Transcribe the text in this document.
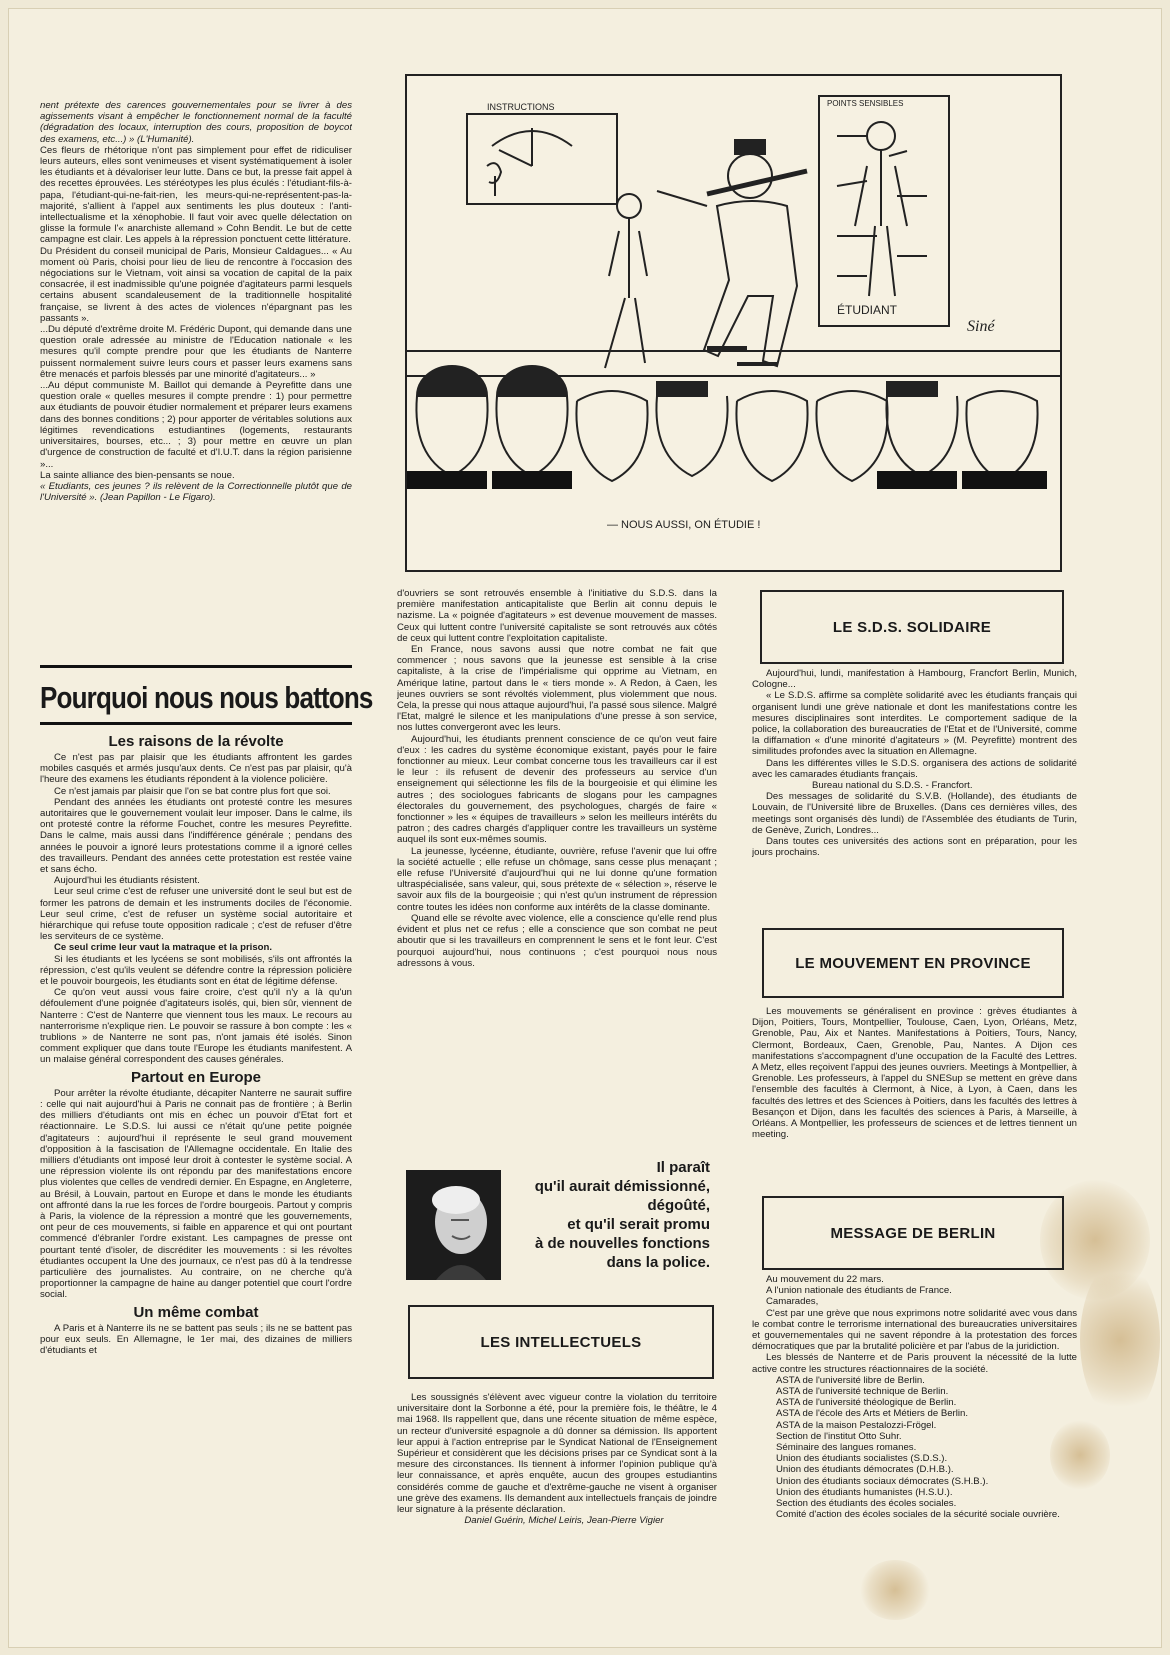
nent prétexte des carences gouvernementales pour se livrer à des agissements visant à empêcher le fonctionnement normal de la faculté (dégradation des locaux, interruption des cours, proposition de boycot des examens, etc...) » (L'Humanité).

Ces fleurs de rhétorique n'ont pas simplement pour effet de ridiculiser leurs auteurs, elles sont venimeuses et visent systématiquement à isoler les étudiants et à dévaloriser leur lutte. Dans ce but, la presse fait appel à des recettes éprouvées. Les stéréotypes les plus éculés : l'étudiant-fils-à-papa, l'étudiant-qui-ne-fait-rien, les meurs-qui-ne-représentent-pas-la-majorité, s'allient à l'appel aux sentiments les plus douteux : l'anti-intellectualisme et la xénophobie. Il faut voir avec quelle délectation on glisse la formule l'« anarchiste allemand » Cohn Bendit. Le but de cette campagne est clair. Les appels à la répression ponctuent cette littérature.

Du Président du conseil municipal de Paris, Monsieur Caldagues... « Au moment où Paris, choisi pour lieu de lieu de rencontre à l'occasion des négociations sur le Vietnam, voit ainsi sa vocation de capital de la paix consacrée, il est inadmissible qu'une poignée d'agitateurs parmi lesquels certains abusent scandaleusement de la traditionnelle hospitalité française, se livrent à des actes de violences n'épargnant pas les passants ».

...Du député d'extrême droite M. Frédéric Dupont, qui demande dans une question orale adressée au ministre de l'Education nationale « les mesures qu'il compte prendre pour que les étudiants de Nanterre puissent normalement suivre leurs cours et passer leurs examens sans être menacés et parfois blessés par une minorité d'agitateurs... »

...Au déput communiste M. Baillot qui demande à Peyrefitte dans une question orale « quelles mesures il compte prendre : 1) pour permettre aux étudiants de pouvoir étudier normalement et préparer leurs examens dans des bonnes conditions ; 2) pour apporter de véritables solutions aux légitimes revendications estudiantines (logements, restaurants universitaires, bourses, etc... ; 3) pour mettre en œuvre un plan d'urgence de construction de faculté et d'I.U.T. dans la région parisienne »...

La sainte alliance des bien-pensants se noue.

« Etudiants, ces jeunes ? ils relèvent de la Correctionnelle plutôt que de l'Université ». (Jean Papillon - Le Figaro).

Pourquoi nous nous battons
Les raisons de la révolte

Ce n'est pas par plaisir que les étudiants affrontent les gardes mobiles casqués et armés jusqu'aux dents. Ce n'est pas par plaisir, qu'à l'heure des examens les étudiants répondent à la violence policière.

Ce n'est jamais par plaisir que l'on se bat contre plus fort que soi.

Pendant des années les étudiants ont protesté contre les mesures autoritaires que le gouvernement voulait leur imposer. Dans le calme, ils ont protesté contre la réforme Fouchet, contre les mesures Peyrefitte. Dans le calme, mais aussi dans l'indifférence générale ; pendans des années le pouvoir a ignoré leurs protestations comme il a ignoré celles des travailleurs. Pendant des années cette protestation est restée vaine et sans écho.

Aujourd'hui les étudiants résistent.

Leur seul crime c'est de refuser une université dont le seul but est de former les patrons de demain et les instruments dociles de l'économie. Leur seul crime, c'est de refuser un système social autoritaire et hiérarchique qui refuse toute opposition radicale ; c'est de refuser d'être les serviteurs de ce système.

Ce seul crime leur vaut la matraque et la prison.

Si les étudiants et les lycéens se sont mobilisés, s'ils ont affrontés la répression, c'est qu'ils veulent se défendre contre la répression policière et le pouvoir bourgeois, les étudiants sont en état de légitime défense.

Ce qu'on veut aussi vous faire croire, c'est qu'il n'y a là qu'un défoulement d'une poignée d'agitateurs isolés, qui, bien sûr, viennent de Nanterre : C'est de Nanterre que viennent tous les maux. Le recours au nanterrorisme n'explique rien. Le pouvoir se rassure à bon compte : les « trublions » de Nanterre ne sont pas, n'ont jamais été isolés. Sinon comment expliquer que dans toute l'Europe les étudiants manifestent. A un malaise général correspondent des causes générales.

Partout en Europe

Pour arrêter la révolte étudiante, décapiter Nanterre ne saurait suffire : celle qui nait aujourd'hui à Paris ne connait pas de frontière ; à Berlin des milliers d'étudiants ont mis en échec un pouvoir d'Etat fort et réactionnaire. Le S.D.S. lui aussi ce n'était qu'une petite poignée d'agitateurs : aujourd'hui il représente le seul grand mouvement d'opposition à la fascisation de l'Allemagne occidentale. En Italie des milliers d'étudiants ont imposé leur droit à contester le système social. A une répression violente ils ont répondu par des manifestations encore plus violentes que celles de vendredi dernier. En Espagne, en Angleterre, au Brésil, à Louvain, partout en Europe et dans le monde les étudiants ont affronté dans la rue les forces de l'ordre bourgeois. Partout y compris à Paris, la violence de la répression a montré que les gouvernements, ont peur de ces mouvements, si faible en apparence et qui ont pourtant commencé d'ébranler l'ordre existant. Les campagnes de presse ont pourtant tenté d'isoler, de discréditer les mouvements : si les révoltes étudiantes occupent la Une des journaux, ce n'est pas dû à la tendresse particulière des journalistes. Au contraire, on ne cherche qu'à proportionner la campagne de haine au danger potentiel que court l'ordre social.

Un même combat

A Paris et à Nanterre ils ne se battent pas seuls ; ils ne se battent pas pour eux seuls. En Allemagne, le 1er mai, des dizaines de milliers d'étudiants et

INSTRUCTIONS	POINTS SENSIBLES
ÉTUDIANT
Siné
— NOUS AUSSI, ON ÉTUDIE !

d'ouvriers se sont retrouvés ensemble à l'initiative du S.D.S. dans la première manifestation anticapitaliste que Berlin ait connu depuis le nazisme. La « poignée d'agitateurs » est devenue mouvement de masses. Ceux qui luttent contre l'université capitaliste se sont retrouvés aux côtés de ceux qui luttent contre l'exploitation capitaliste.

En France, nous savons aussi que notre combat ne fait que commencer ; nous savons que la jeunesse est sensible à la crise capitaliste, à la crise de l'impérialisme qui opprime au Vietnam, en Amérique latine, partout dans le « tiers monde ». A Redon, à Caen, les jeunes ouvriers se sont révoltés violemment, plus violemment que nous. Cela, la presse qui nous attaque aujourd'hui, l'a passé sous silence. Malgré l'Etat, malgré le silence et les manipulations d'une presse à son service, nos luttes convergeront avec les leurs.

Aujourd'hui, les étudiants prennent conscience de ce qu'on veut faire d'eux : les cadres du système économique existant, payés pour le faire fonctionner au mieux. Leur combat concerne tous les travailleurs car il est le leur : ils refusent de devenir des professeurs au service d'un enseignement qui sélectionne les fils de la bourgeoisie et qui élimine les autres ; des sociologues fabricants de slogans pour les campagnes électorales du gouvernement, des psychologues, chargés de faire « fonctionner » les « équipes de travailleurs » selon les meilleurs intérêts du patron ; des cadres chargés d'appliquer contre les travailleurs un système auquel ils sont eux-mêmes soumis.

La jeunesse, lycéenne, étudiante, ouvrière, refuse l'avenir que lui offre la société actuelle ; elle refuse un chômage, sans cesse plus menaçant ; elle refuse l'Université d'aujourd'hui qui ne lui donne qu'une formation ultraspécialisée, sans valeur, qui, sous prétexte de « sélection », réserve le savoir aux fils de la bourgeoisie ; qui n'est qu'un instrument de répression contre toutes les idées non conforme aux intérêts de la classe dominante.

Quand elle se révolte avec violence, elle a conscience qu'elle rend plus évident et plus net ce refus ; elle a conscience que son combat ne peut aboutir que si les travailleurs en comprennent le sens et le font leur. C'est pourquoi aujourd'hui, nous continuons ; c'est pourquoi nous nous adressons à vous.

Il paraît
qu'il aurait démissionné,
dégoûté,
et qu'il serait promu
à de nouvelles fonctions
dans la police.
LES INTELLECTUELS

Les soussignés s'élèvent avec vigueur contre la violation du territoire universitaire dont la Sorbonne a été, pour la première fois, le théâtre, le 4 mai 1968. Ils rappellent que, dans une récente situation de même espèce, un recteur d'université espagnole a dû donner sa démission. Ils apportent leur appui à l'action entreprise par le Syndicat National de l'Enseignement Supérieur et considèrent que les décisions prises par ce Syndicat sont à la mesure des circonstances. Ils tiennent à informer l'opinion publique qu'à leur connaissance, et après enquête, aucun des groupes estudiantins considérés comme de gauche et d'extrême-gauche ne visent à organiser une grève des examens. Ils demandent aux intellectuels français de joindre leur signature à la présente déclaration.

Daniel Guérin, Michel Leiris, Jean-Pierre Vigier

LE S.D.S. SOLIDAIRE

Aujourd'hui, lundi, manifestation à Hambourg, Francfort Berlin, Munich, Cologne...

« Le S.D.S. affirme sa complète solidarité avec les étudiants français qui organisent lundi une grève nationale et dont les manifestations contre les mesures disciplinaires sont interdites. Le comportement sadique de la police, la collaboration des bureaucraties de l'Etat et de l'Université, comme la diffamation « d'une minorité d'agitateurs » (M. Peyrefitte) montrent des similitudes profondes avec la situation en Allemagne.

Dans les différentes villes le S.D.S. organisera des actions de solidarité avec les camarades étudiants français.

Bureau national du S.D.S. - Francfort.

Des messages de solidarité du S.V.B. (Hollande), des étudiants de Louvain, de l'Université libre de Bruxelles. (Dans ces dernières villes, des meetings sont organisés dès lundi) de l'Assemblée des étudiants de Turin, de Genève, Zurich, Londres...

Dans toutes ces universités des actions sont en préparation, pour les jours prochains.

LE MOUVEMENT EN PROVINCE

Les mouvements se généralisent en province : grèves étudiantes à Dijon, Poitiers, Tours, Montpellier, Toulouse, Caen, Lyon, Orléans, Metz, Grenoble, Pau, Aix et Nantes. Manifestations à Poitiers, Tours, Nancy, Clermont, Bordeaux, Caen, Grenoble, Pau, Nantes. A Dijon ces manifestations s'accompagnent d'une occupation de la Faculté des Lettres. A Metz, elles reçoivent l'appui des jeunes ouvriers. Meetings à Montpellier, à Grenoble. Les professeurs, à l'appel du SNESup se mettent en grève dans l'ensemble des facultés à Clermont, à Nice, à Lyon, à Caen, dans les facultés des lettres et des Sciences à Poitiers, dans les facultés des lettres à Besançon et Dijon, dans les facultés des sciences à Paris, à Marseille, à Orléans. A Montpellier, les professeurs de sciences et de lettres tiennent un meeting.

MESSAGE DE BERLIN

Au mouvement du 22 mars.

A l'union nationale des étudiants de France.

Camarades,

C'est par une grève que nous exprimons notre solidarité avec vous dans le combat contre le terrorisme international des bureaucraties universitaires et gouvernementales qui ne savent répondre à la protestation des forces démocratiques que par la brutalité policière et par l'abus de la juridiction.

Les blessés de Nanterre et de Paris prouvent la nécessité de la lutte active contre les structures réactionnaires de la société.

ASTA de l'université libre de Berlin.
ASTA de l'université technique de Berlin.
ASTA de l'université théologique de Berlin.
ASTA de l'école des Arts et Métiers de Berlin.
ASTA de la maison Pestalozzi-Frögel.
Section de l'institut Otto Suhr.
Séminaire des langues romanes.
Union des étudiants socialistes (S.D.S.).
Union des étudiants démocrates (D.H.B.).
Union des étudiants sociaux démocrates (S.H.B.).
Union des étudiants humanistes (H.S.U.).
Section des étudiants des écoles sociales.
Comité d'action des écoles sociales de la sécurité sociale ouvrière.
